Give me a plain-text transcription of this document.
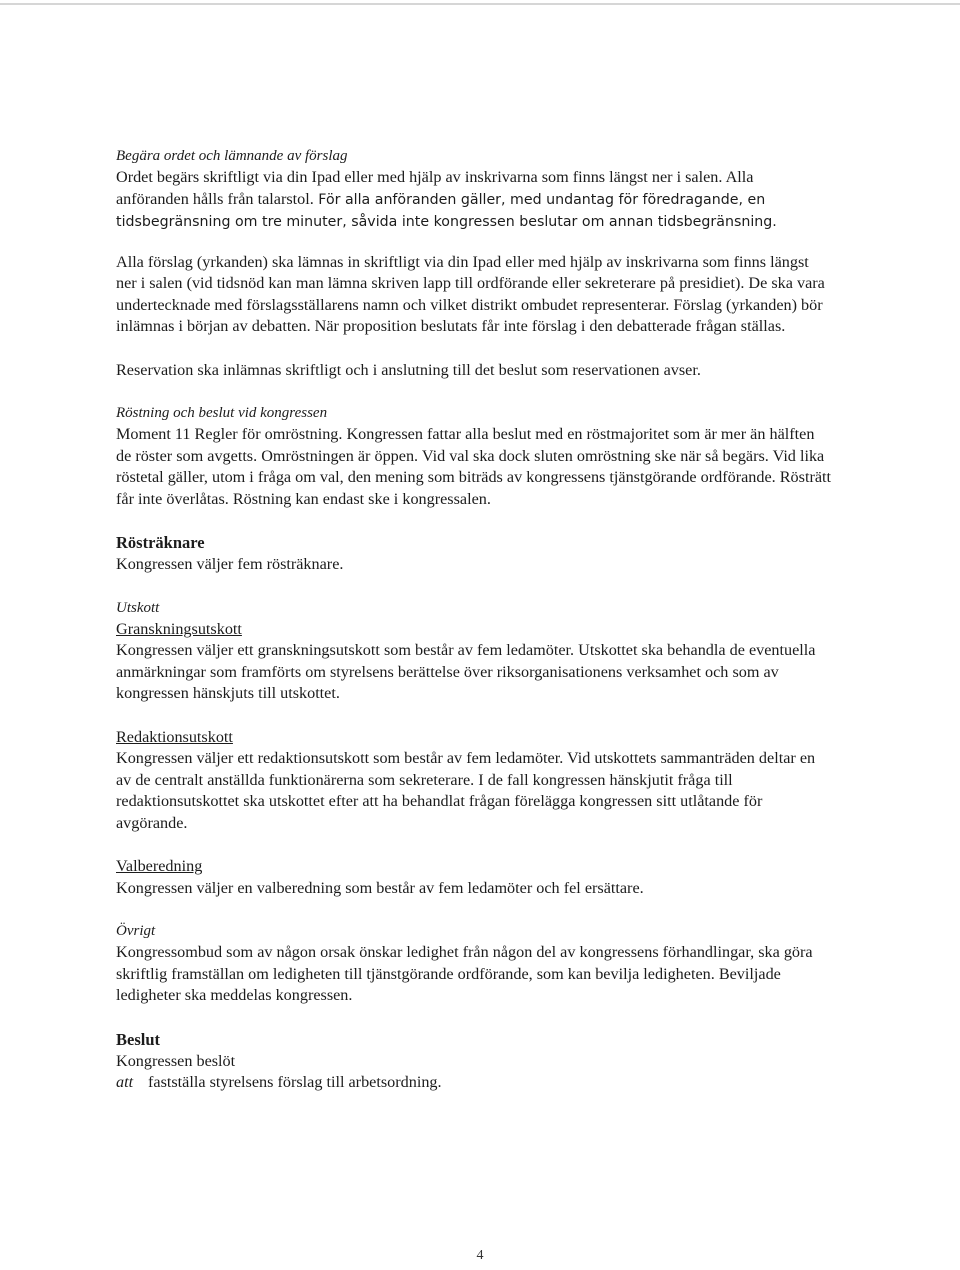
Begära ordet och lämnande av förslag

Ordet begärs skriftligt via din Ipad eller med hjälp av inskrivarna som finns längst ner i salen. Alla
anföranden hålls från talarstol. För alla anföranden gäller, med undantag för föredragande, en
tidsbegränsning om tre minuter, såvida inte kongressen beslutar om annan tidsbegränsning.

Alla förslag (yrkanden) ska lämnas in skriftligt via din Ipad eller med hjälp av inskrivarna som finns längst ner i salen (vid tidsnöd kan man lämna skriven lapp till ordförande eller sekreterare på presidiet). De ska vara undertecknade med förslagsställarens namn och vilket distrikt ombudet representerar. Förslag (yrkanden) bör inlämnas i början av debatten. När proposition beslutats får inte förslag i den debatterade frågan ställas.

Reservation ska inlämnas skriftligt och i anslutning till det beslut som reservationen avser.

Röstning och beslut vid kongressen

Moment 11 Regler för omröstning. Kongressen fattar alla beslut med en röstmajoritet som är mer än hälften de röster som avgetts. Omröstningen är öppen. Vid val ska dock sluten omröstning ske när så begärs. Vid lika röstetal gäller, utom i fråga om val, den mening som biträds av kongressens tjänstgörande ordförande. Rösträtt får inte överlåtas. Röstning kan endast ske i kongressalen.

Rösträknare

Kongressen väljer fem rösträknare.

Utskott

Granskningsutskott

Kongressen väljer ett granskningsutskott som består av fem ledamöter. Utskottet ska behandla de eventuella anmärkningar som framförts om styrelsens berättelse över riksorganisationens verksamhet och som av kongressen hänskjuts till utskottet.

Redaktionsutskott

Kongressen väljer ett redaktionsutskott som består av fem ledamöter. Vid utskottets sammanträden deltar en av de centralt anställda funktionärerna som sekreterare. I de fall kongressen hänskjutit fråga till redaktionsutskottet ska utskottet efter att ha behandlat frågan förelägga kongressen sitt utlåtande för avgörande.

Valberedning

Kongressen väljer en valberedning som består av fem ledamöter och fel ersättare.

Övrigt

Kongressombud som av någon orsak önskar ledighet från någon del av kongressens förhandlingar, ska göra skriftlig framställan om ledigheten till tjänstgörande ordförande, som kan bevilja ledigheten. Beviljade ledigheter ska meddelas kongressen.

Beslut

Kongressen beslöt

att fastställa styrelsens förslag till arbetsordning.
4
